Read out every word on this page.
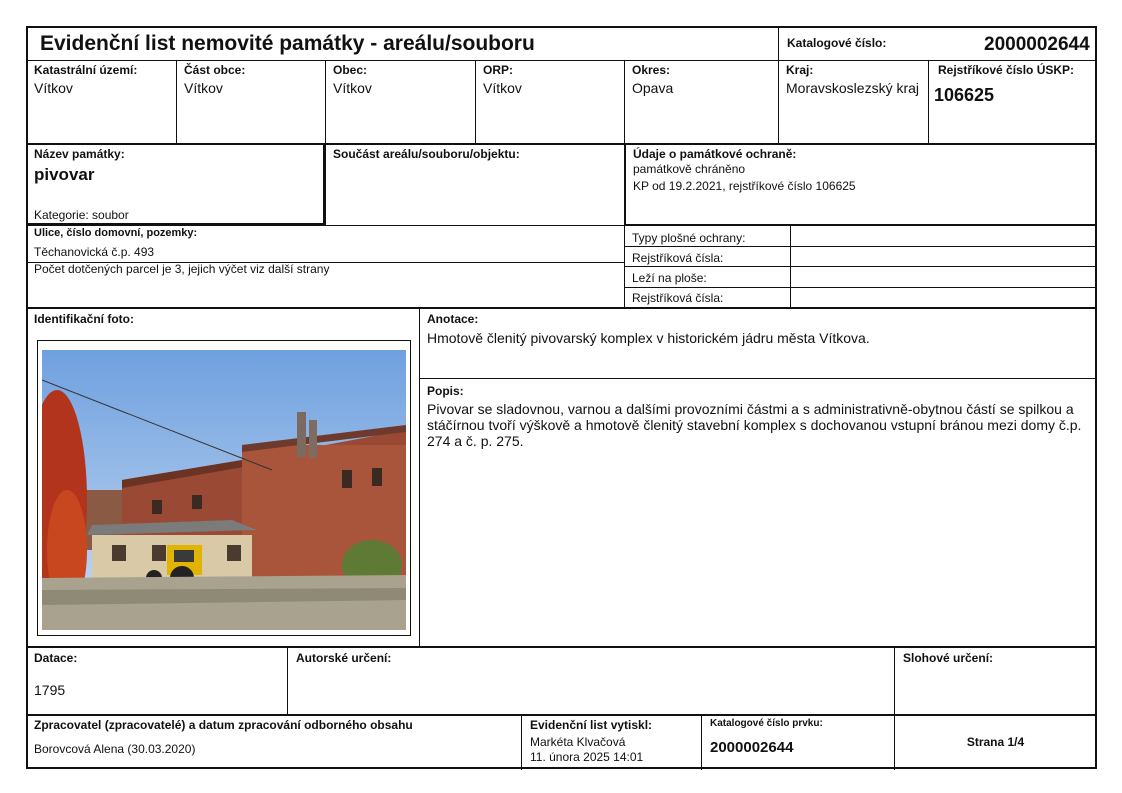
Evidenční list nemovité památky - areálu/souboru	Katalogové číslo:	2000002644
Katastrální území:
Vítkov
Část obce:
Vítkov
Obec:
Vítkov
ORP:
Vítkov
Okres:
Opava
Kraj:
Moravskoslezský kraj
Rejstříkové číslo ÚSKP:
106625
Název památky:
pivovar
Kategorie: soubor
Součást areálu/souboru/objektu:	Údaje o památkové ochraně:
památkově chráněno
KP od 19.2.2021, rejstříkové číslo 106625
Ulice, číslo domovní, pozemky:
Těchanovická č.p. 493
Počet dotčených parcel je 3, jejich výčet viz další strany
Typy plošné ochrany:
Rejstříková čísla:
Leží na ploše:
Rejstříková čísla:
Identifikační foto:	Anotace:
Hmotově členitý pivovarský komplex v historickém jádru města Vítkova.
Popis:
Pivovar se sladovnou, varnou a dalšími provozními částmi a s administrativně-obytnou částí se spilkou a stáčírnou tvoří výškově a hmotově členitý stavební komplex s dochovanou vstupní bránou mezi domy č.p. 274 a č. p. 275.
Datace:
1795
Autorské určení:	Slohové určení:
Zpracovatel (zpracovatelé) a datum zpracování odborného obsahu
Borovcová Alena (30.03.2020)
Evidenční list vytiskl:
Markéta Klvačová
11. února 2025 14:01
Katalogové číslo prvku:
2000002644	Strana 1/4
